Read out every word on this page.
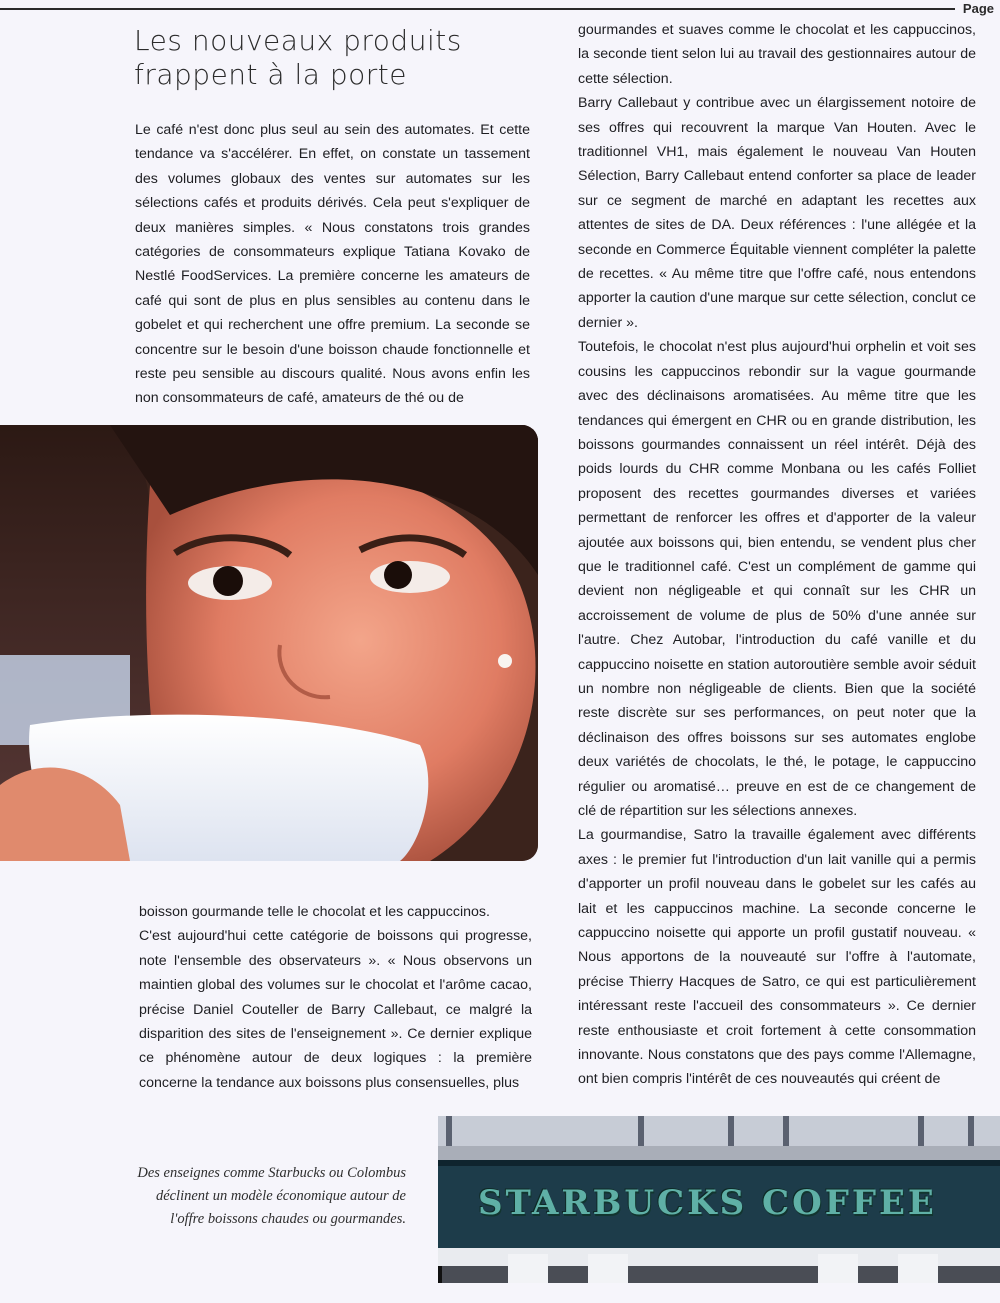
Page
Les nouveaux produits
frappent à la porte

Le café n'est donc plus seul au sein des automates. Et cette tendance va s'accélérer. En effet, on constate un tassement des volumes globaux des ventes sur automates sur les sélections cafés et produits dérivés. Cela peut s'expliquer de deux manières simples. « Nous constatons trois grandes catégories de consommateurs explique Tatiana Kovako de Nestlé FoodServices. La première concerne les amateurs de café qui sont de plus en plus sensibles au contenu dans le gobelet et qui recherchent une offre premium. La seconde se concentre sur le besoin d'une boisson chaude fonctionnelle et reste peu sensible au discours qualité. Nous avons enfin les non consommateurs de café, amateurs de thé ou de

boisson gourmande telle le chocolat et les cappuccinos.

C'est aujourd'hui cette catégorie de boissons qui progresse, note l'ensemble des observateurs ». « Nous observons un maintien global des volumes sur le chocolat et l'arôme cacao, précise Daniel Couteller de Barry Callebaut, ce malgré la disparition des sites de l'enseignement ». Ce dernier explique ce phénomène autour de deux logiques : la première concerne la tendance aux boissons plus consensuelles, plus

gourmandes et suaves comme le chocolat et les cappuccinos, la seconde tient selon lui au travail des gestionnaires autour de cette sélection.

Barry Callebaut y contribue avec un élargissement notoire de ses offres qui recouvrent la marque Van Houten. Avec le traditionnel VH1, mais également le nouveau Van Houten Sélection, Barry Callebaut entend conforter sa place de leader sur ce segment de marché en adaptant les recettes aux attentes de sites de DA. Deux références : l'une allégée et la seconde en Commerce Équitable viennent compléter la palette de recettes. « Au même titre que l'offre café, nous entendons apporter la caution d'une marque sur cette sélection, conclut ce dernier ».

Toutefois, le chocolat n'est plus aujourd'hui orphelin et voit ses cousins les cappuccinos rebondir sur la vague gourmande avec des déclinaisons aromatisées. Au même titre que les tendances qui émergent en CHR ou en grande distribution, les boissons gourmandes connaissent un réel intérêt. Déjà des poids lourds du CHR comme Monbana ou les cafés Folliet proposent des recettes gourmandes diverses et variées permettant de renforcer les offres et d'apporter de la valeur ajoutée aux boissons qui, bien entendu, se vendent plus cher que le traditionnel café. C'est un complément de gamme qui devient non négligeable et qui connaît sur les CHR un accroissement de volume de plus de 50% d'une année sur l'autre. Chez Autobar, l'introduction du café vanille et du cappuccino noisette en station autoroutière semble avoir séduit un nombre non négligeable de clients. Bien que la société reste discrète sur ses performances, on peut noter que la déclinaison des offres boissons sur ses automates englobe deux variétés de chocolats, le thé, le potage, le cappuccino régulier ou aromatisé… preuve en est de ce changement de clé de répartition sur les sélections annexes.

La gourmandise, Satro la travaille également avec différents axes : le premier fut l'introduction d'un lait vanille qui a permis d'apporter un profil nouveau dans le gobelet sur les cafés au lait et les cappuccinos machine. La seconde concerne le cappuccino noisette qui apporte un profil gustatif nouveau. « Nous apportons de la nouveauté sur l'offre à l'automate, précise Thierry Hacques de Satro, ce qui est particulièrement intéressant reste l'accueil des consommateurs ». Ce dernier reste enthousiaste et croit fortement à cette consommation innovante. Nous constatons que des pays comme l'Allemagne, ont bien compris l'intérêt de ces nouveautés qui créent de

Des enseignes comme Starbucks ou Colombus
déclinent un modèle économique autour de
l'offre boissons chaudes ou gourmandes. STARBUCKS COFFEE
